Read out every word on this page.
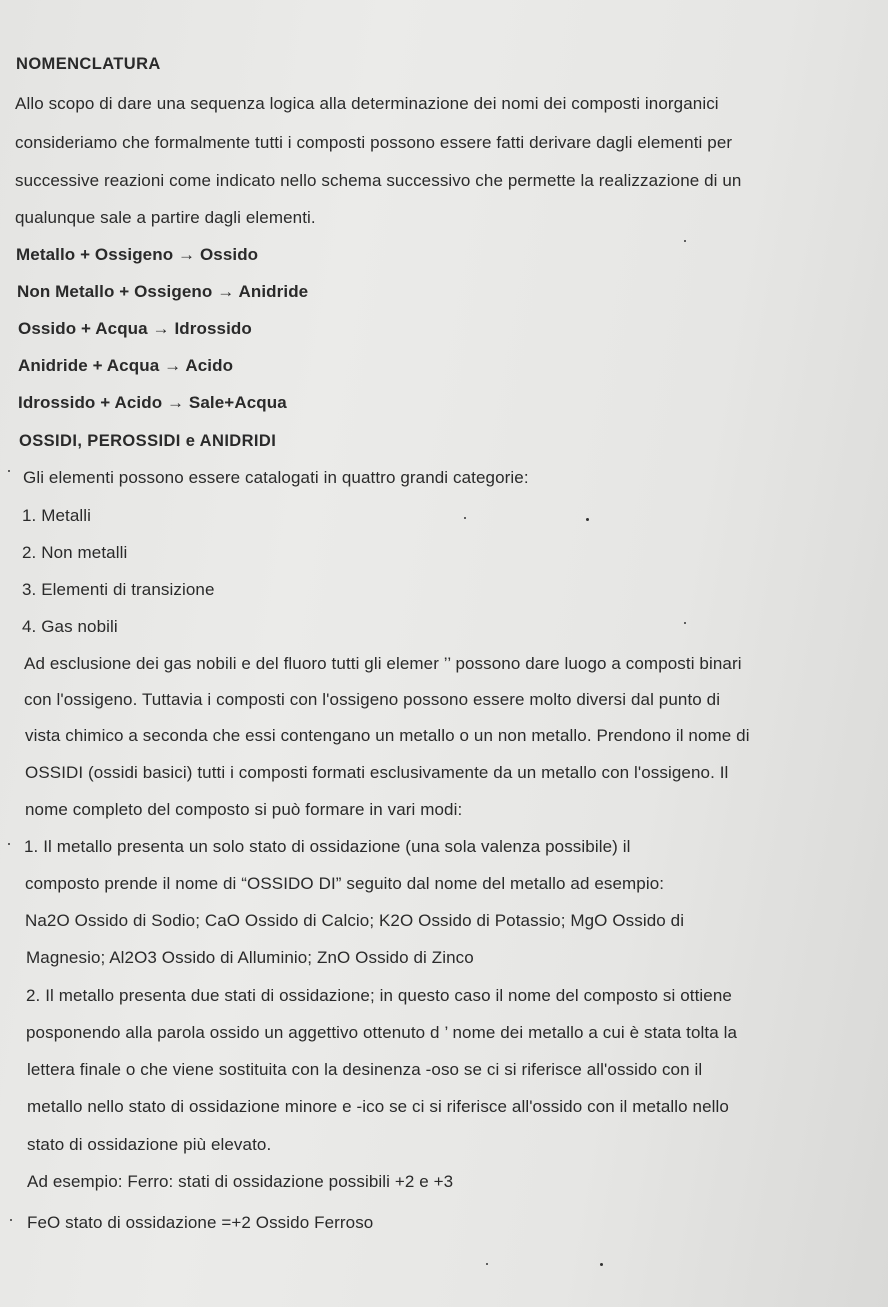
NOMENCLATURA
Allo scopo di dare una sequenza logica alla determinazione dei nomi dei composti inorganici
consideriamo che formalmente tutti i composti possono essere fatti derivare dagli elementi per
successive reazioni come indicato nello schema successivo che permette la realizzazione di un
qualunque sale a partire dagli elementi.
Metallo + Ossigeno → Ossido
Non Metallo + Ossigeno → Anidride
Ossido + Acqua → Idrossido
Anidride + Acqua → Acido
Idrossido + Acido → Sale+Acqua
OSSIDI, PEROSSIDI e ANIDRIDI
Gli elementi possono essere catalogati in quattro grandi categorie:
1. Metalli
2. Non metalli
3. Elementi di transizione
4. Gas nobili
Ad esclusione dei gas nobili e del fluoro tutti gli elemer ’’ possono dare luogo a composti binari
con l'ossigeno. Tuttavia i composti con l'ossigeno possono essere molto diversi dal punto di
vista chimico a seconda che essi contengano un metallo o un non metallo. Prendono il nome di
OSSIDI (ossidi basici) tutti i composti formati esclusivamente da un metallo con l'ossigeno. Il
nome completo del composto si può formare in vari modi:
1. Il metallo presenta un solo stato di ossidazione (una sola valenza possibile) il
composto prende il nome di “OSSIDO DI” seguito dal nome del metallo ad esempio:
Na2O Ossido di Sodio; CaO Ossido di Calcio; K2O Ossido di Potassio; MgO Ossido di
Magnesio; Al2O3 Ossido di Alluminio; ZnO Ossido di Zinco
2. Il metallo presenta due stati di ossidazione; in questo caso il nome del composto si ottiene
posponendo alla parola ossido un aggettivo ottenuto d ’ nome dei metallo a cui è stata tolta la
lettera finale o che viene sostituita con la desinenza -oso se ci si riferisce all'ossido con il
metallo nello stato di ossidazione minore e -ico se ci si riferisce all'ossido con il metallo nello
stato di ossidazione più elevato.
Ad esempio: Ferro: stati di ossidazione possibili +2 e +3
FeO stato di ossidazione =+2 Ossido Ferroso
